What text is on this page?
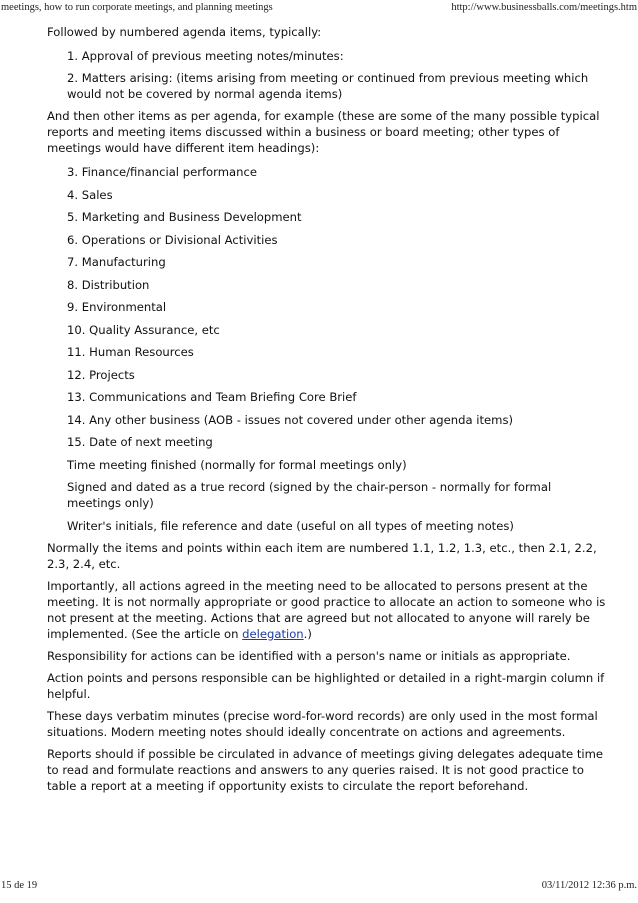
meetings, how to run corporate meetings, and planning meetings	http://www.businessballs.com/meetings.htm

Followed by numbered agenda items, typically:

1. Approval of previous meeting notes/minutes:
2. Matters arising: (items arising from meeting or continued from previous meeting which would not be covered by normal agenda items)

And then other items as per agenda, for example (these are some of the many possible typical reports and meeting items discussed within a business or board meeting; other types of meetings would have different item headings):

3. Finance/financial performance
4. Sales
5. Marketing and Business Development
6. Operations or Divisional Activities
7. Manufacturing
8. Distribution
9. Environmental
10. Quality Assurance, etc
11. Human Resources
12. Projects
13. Communications and Team Briefing Core Brief
14. Any other business (AOB - issues not covered under other agenda items)
15. Date of next meeting
Time meeting finished (normally for formal meetings only)
Signed and dated as a true record (signed by the chair-person - normally for formal meetings only)
Writer's initials, file reference and date (useful on all types of meeting notes)

Normally the items and points within each item are numbered 1.1, 1.2, 1.3, etc., then 2.1, 2.2, 2.3, 2.4, etc.

Importantly, all actions agreed in the meeting need to be allocated to persons present at the meeting. It is not normally appropriate or good practice to allocate an action to someone who is not present at the meeting. Actions that are agreed but not allocated to anyone will rarely be implemented. (See the article on delegation.)

Responsibility for actions can be identified with a person's name or initials as appropriate.

Action points and persons responsible can be highlighted or detailed in a right-margin column if helpful.

These days verbatim minutes (precise word-for-word records) are only used in the most formal situations. Modern meeting notes should ideally concentrate on actions and agreements.

Reports should if possible be circulated in advance of meetings giving delegates adequate time to read and formulate reactions and answers to any queries raised. It is not good practice to table a report at a meeting if opportunity exists to circulate the report beforehand.

15 de 19	03/11/2012 12:36 p.m.
